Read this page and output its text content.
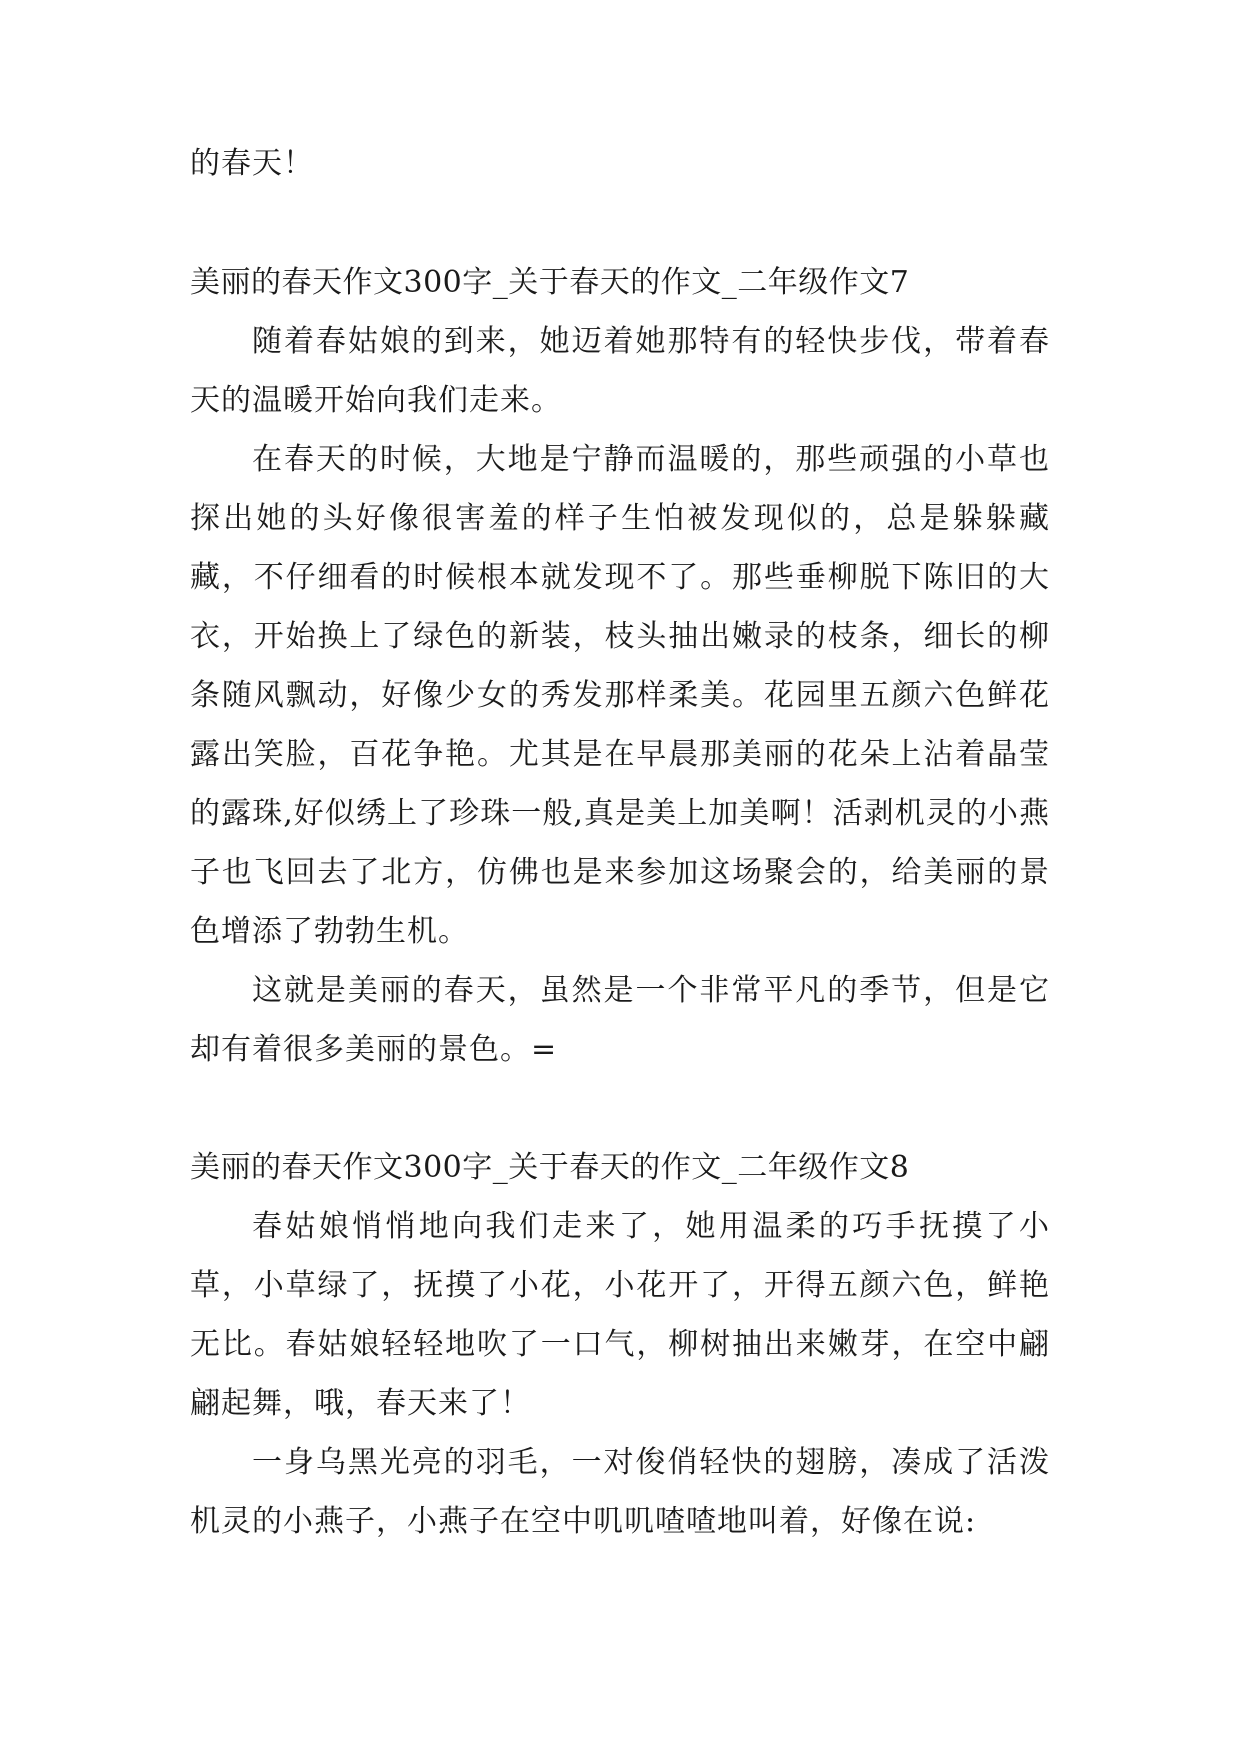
的春天！

美丽的春天作文300字_关于春天的作文_二年级作文7

随着春姑娘的到来，她迈着她那特有的轻快步伐，带着春天的温暖开始向我们走来。

在春天的时候，大地是宁静而温暖的，那些顽强的小草也探出她的头好像很害羞的样子生怕被发现似的，总是躲躲藏藏，不仔细看的时候根本就发现不了。那些垂柳脱下陈旧的大衣，开始换上了绿色的新装，枝头抽出嫩录的枝条，细长的柳条随风飘动，好像少女的秀发那样柔美。花园里五颜六色鲜花露出笑脸，百花争艳。尤其是在早晨那美丽的花朵上沾着晶莹的露珠,好似绣上了珍珠一般,真是美上加美啊！活剥机灵的小燕子也飞回去了北方，仿佛也是来参加这场聚会的，给美丽的景色增添了勃勃生机。

这就是美丽的春天，虽然是一个非常平凡的季节，但是它却有着很多美丽的景色。=

美丽的春天作文300字_关于春天的作文_二年级作文8

春姑娘悄悄地向我们走来了，她用温柔的巧手抚摸了小草，小草绿了，抚摸了小花，小花开了，开得五颜六色，鲜艳无比。春姑娘轻轻地吹了一口气，柳树抽出来嫩芽，在空中翩翩起舞，哦，春天来了！

一身乌黑光亮的羽毛，一对俊俏轻快的翅膀，凑成了活泼机灵的小燕子，小燕子在空中叽叽喳喳地叫着，好像在说:
